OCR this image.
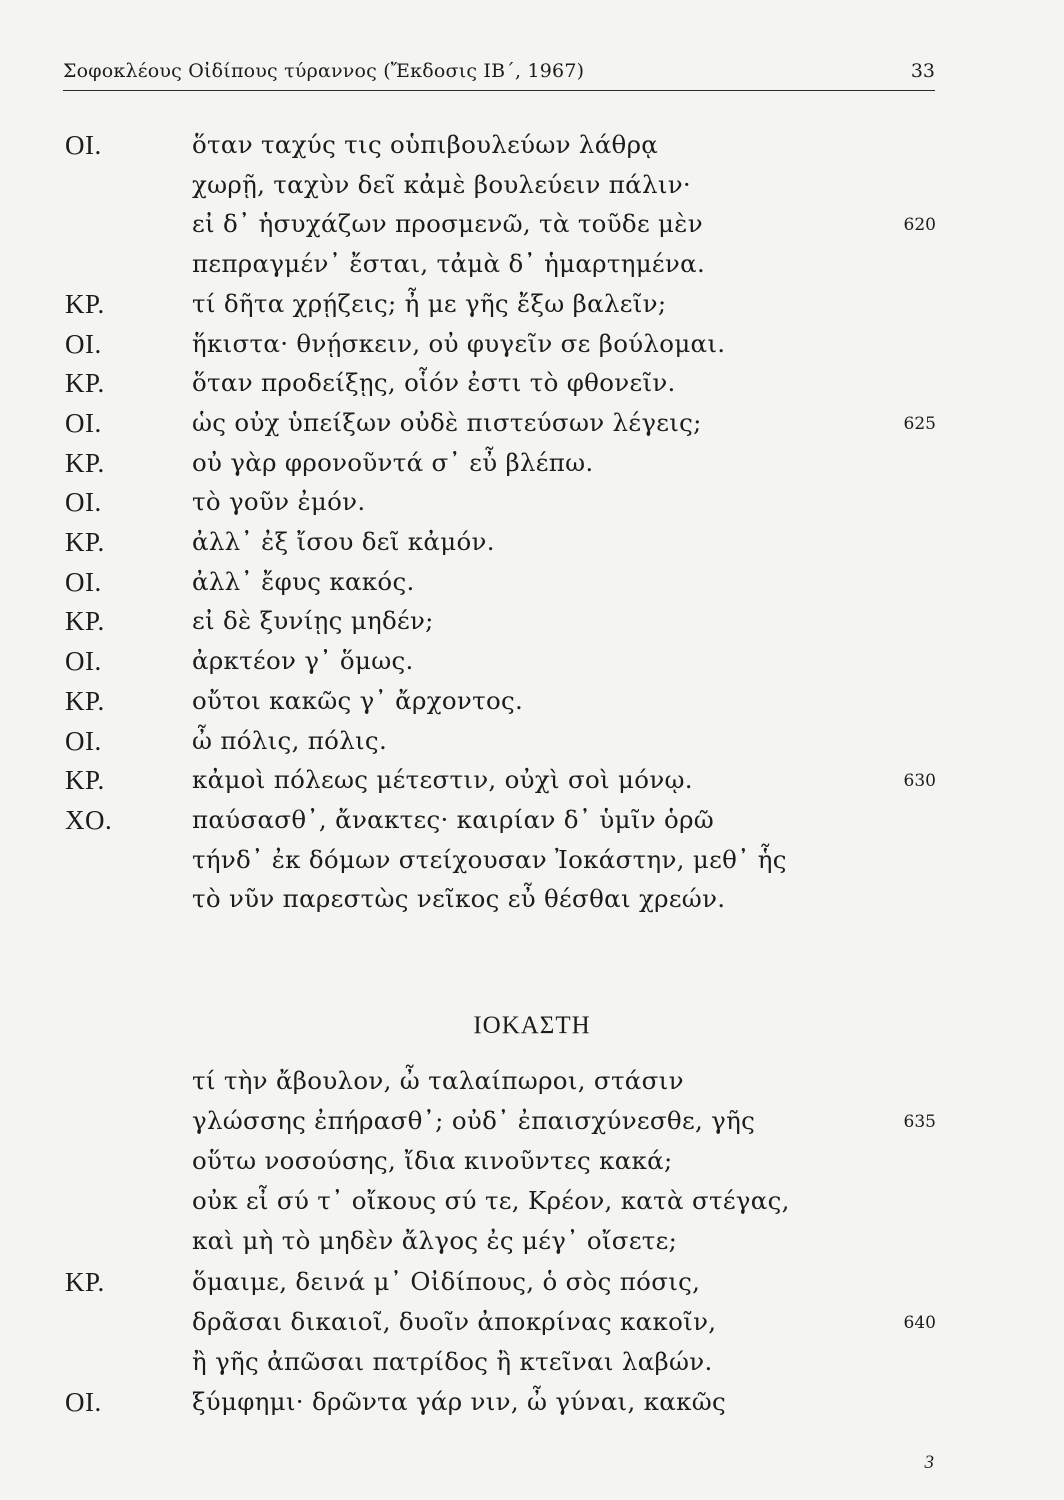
Σοφοκλέους Οἰδίπους τύραννος (Ἔκδοσις ΙΒ΄, 1967)	33
ΟΙ.	ὅταν ταχύς τις οὑπιβουλεύων λάθρᾳ
χωρῇ, ταχὺν δεῖ κἀμὲ βουλεύειν πάλιν·
εἰ δ᾽ ἡσυχάζων προσμενῶ, τὰ τοῦδε μὲν	620
πεπραγμέν᾽ ἔσται, τἀμὰ δ᾽ ἡμαρτημένα.
ΚΡ.	τί δῆτα χρῄζεις; ἦ με γῆς ἔξω βαλεῖν;
ΟΙ.	ἥκιστα· θνῄσκειν, οὐ φυγεῖν σε βούλομαι.
ΚΡ.	ὅταν προδείξῃς, οἷόν ἐστι τὸ φθονεῖν.
ΟΙ.	ὡς οὐχ ὑπείξων οὐδὲ πιστεύσων λέγεις;	625
ΚΡ.	οὐ γὰρ φρονοῦντά σ᾽ εὖ βλέπω.
ΟΙ.	τὸ γοῦν ἐμόν.
ΚΡ.	ἀλλ᾽ ἐξ ἴσου δεῖ κἀμόν.
ΟΙ.	ἀλλ᾽ ἔφυς κακός.
ΚΡ.	εἰ δὲ ξυνίῃς μηδέν;
ΟΙ.	ἀρκτέον γ᾽ ὅμως.
ΚΡ.	οὔτοι κακῶς γ᾽ ἄρχοντος.
ΟΙ.	ὦ πόλις, πόλις.
ΚΡ.	κἀμοὶ πόλεως μέτεστιν, οὐχὶ σοὶ μόνῳ.	630
ΧΟ.	παύσασθ᾽, ἄνακτες· καιρίαν δ᾽ ὑμῖν ὁρῶ
τήνδ᾽ ἐκ δόμων στείχουσαν Ἰοκάστην, μεθ᾽ ἧς
τὸ νῦν παρεστὼς νεῖκος εὖ θέσθαι χρεών.
ΙΟΚΑΣΤΗ
τί τὴν ἄβουλον, ὦ ταλαίπωροι, στάσιν
γλώσσης ἐπήρασθ᾽; οὐδ᾽ ἐπαισχύνεσθε, γῆς	635
οὕτω νοσούσης, ἴδια κινοῦντες κακά;
οὐκ εἶ σύ τ᾽ οἴκους σύ τε, Κρέον, κατὰ στέγας,
καὶ μὴ τὸ μηδὲν ἄλγος ἐς μέγ᾽ οἴσετε;
ΚΡ.	ὅμαιμε, δεινά μ᾽ Οἰδίπους, ὁ σὸς πόσις,
δρᾶσαι δικαιοῖ, δυοῖν ἀποκρίνας κακοῖν,	640
ἢ γῆς ἀπῶσαι πατρίδος ἢ κτεῖναι λαβών.
ΟΙ.	ξύμφημι· δρῶντα γάρ νιν, ὦ γύναι, κακῶς
3
